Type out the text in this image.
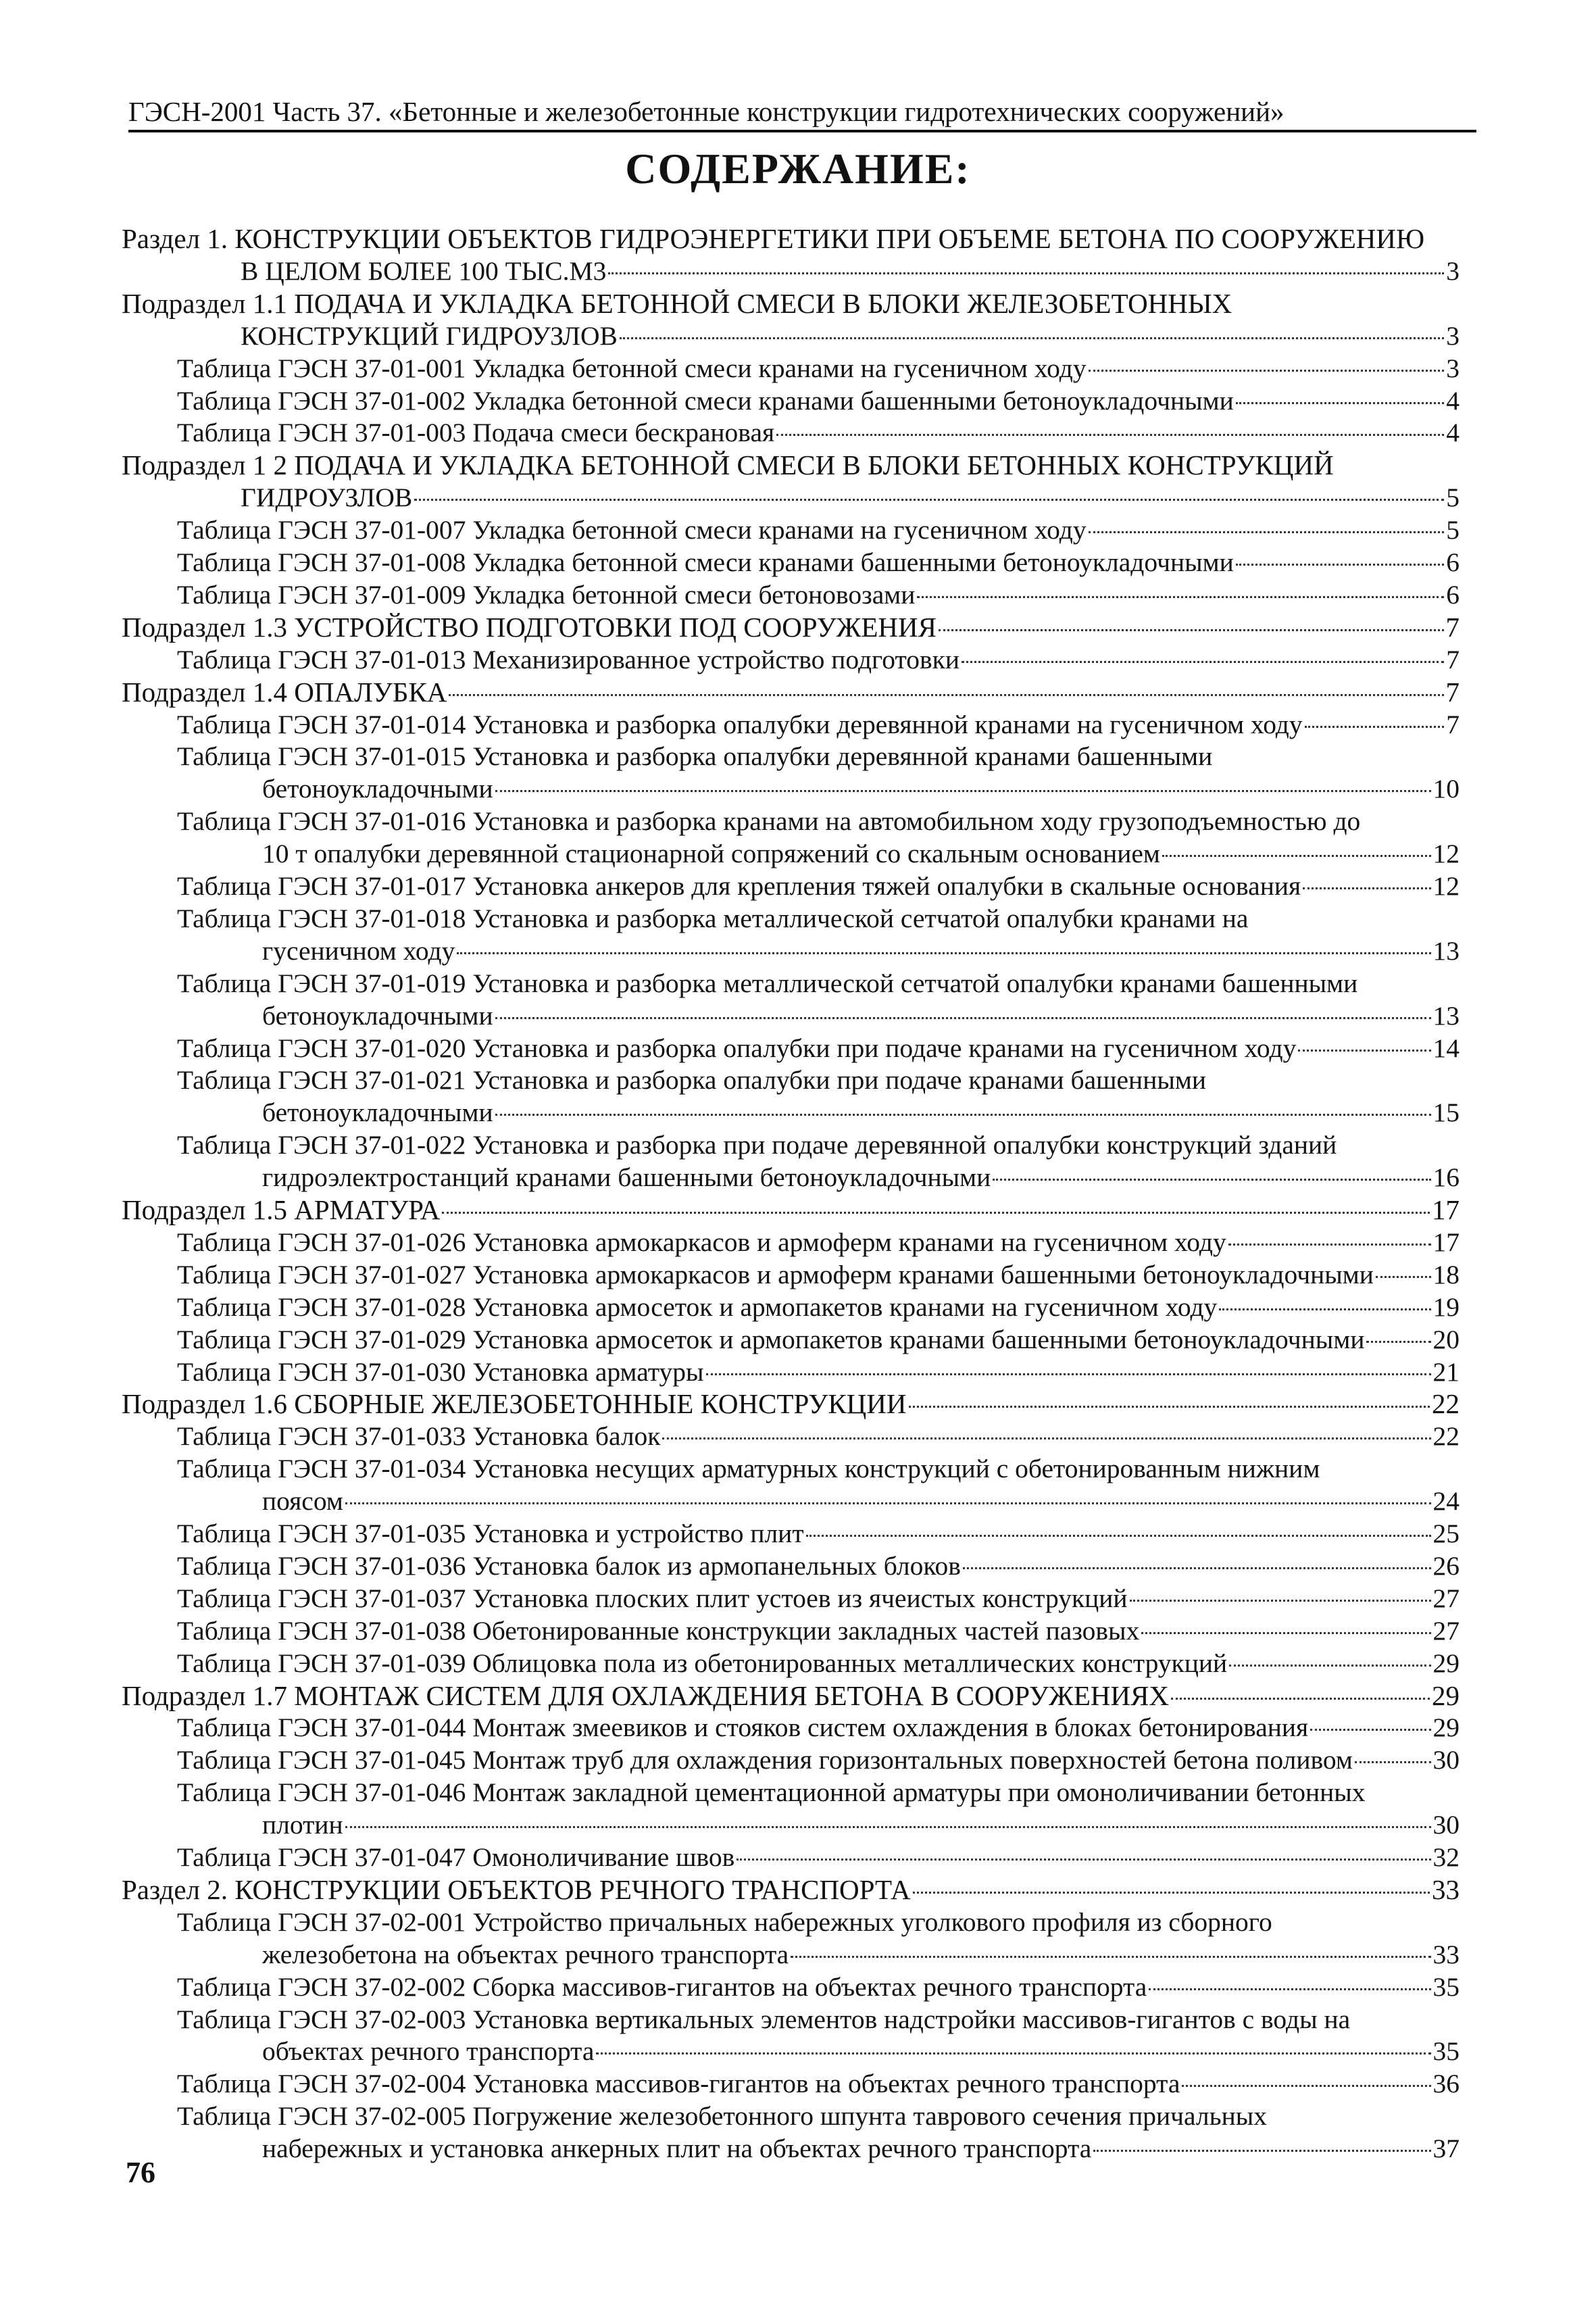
ГЭСН-2001 Часть 37. «Бетонные и железобетонные конструкции гидротехнических сооружений»
СОДЕРЖАНИЕ:
Раздел 1. КОНСТРУКЦИИ ОБЪЕКТОВ ГИДРОЭНЕРГЕТИКИ ПРИ ОБЪЕМЕ БЕТОНА ПО СООРУЖЕНИЮ
В ЦЕЛОМ БОЛЕЕ 100 ТЫС.М3	3
Подраздел 1.1 ПОДАЧА И УКЛАДКА БЕТОННОЙ СМЕСИ В БЛОКИ ЖЕЛЕЗОБЕТОННЫХ
КОНСТРУКЦИЙ ГИДРОУЗЛОВ	3
Таблица ГЭСН 37-01-001 Укладка бетонной смеси кранами на гусеничном ходу	3
Таблица ГЭСН 37-01-002 Укладка бетонной смеси кранами башенными бетоноукладочными	4
Таблица ГЭСН 37-01-003 Подача смеси бескрановая	4
Подраздел 1 2 ПОДАЧА И УКЛАДКА БЕТОННОЙ СМЕСИ В БЛОКИ БЕТОННЫХ КОНСТРУКЦИЙ
ГИДРОУЗЛОВ	5
Таблица ГЭСН 37-01-007 Укладка бетонной смеси кранами на гусеничном ходу	5
Таблица ГЭСН 37-01-008 Укладка бетонной смеси кранами башенными бетоноукладочными	6
Таблица ГЭСН 37-01-009 Укладка бетонной смеси бетоновозами	6
Подраздел 1.3 УСТРОЙСТВО ПОДГОТОВКИ ПОД СООРУЖЕНИЯ	7
Таблица ГЭСН 37-01-013 Механизированное устройство подготовки	7
Подраздел 1.4 ОПАЛУБКА	7
Таблица ГЭСН 37-01-014 Установка и разборка опалубки деревянной кранами на гусеничном ходу	7
Таблица ГЭСН 37-01-015 Установка и разборка опалубки деревянной кранами башенными
бетоноукладочными	10
Таблица ГЭСН 37-01-016 Установка и разборка кранами на автомобильном ходу грузоподъемностью до
10 т опалубки деревянной стационарной сопряжений со скальным основанием	12
Таблица ГЭСН 37-01-017 Установка анкеров для крепления тяжей опалубки в скальные основания	12
Таблица ГЭСН 37-01-018 Установка и разборка металлической сетчатой опалубки кранами на
гусеничном ходу	13
Таблица ГЭСН 37-01-019 Установка и разборка металлической сетчатой опалубки кранами башенными
бетоноукладочными	13
Таблица ГЭСН 37-01-020 Установка и разборка опалубки при подаче кранами на гусеничном ходу	14
Таблица ГЭСН 37-01-021 Установка и разборка опалубки при подаче кранами башенными
бетоноукладочными	15
Таблица ГЭСН 37-01-022 Установка и разборка при подаче деревянной опалубки конструкций зданий
гидроэлектростанций кранами башенными бетоноукладочными	16
Подраздел 1.5 АРМАТУРА	17
Таблица ГЭСН 37-01-026 Установка армокаркасов и армоферм кранами на гусеничном ходу	17
Таблица ГЭСН 37-01-027 Установка армокаркасов и армоферм кранами башенными бетоноукладочными 18
Таблица ГЭСН 37-01-028 Установка армосеток и армопакетов кранами на гусеничном ходу	19
Таблица ГЭСН 37-01-029 Установка армосеток и армопакетов кранами башенными бетоноукладочными	20
Таблица ГЭСН 37-01-030 Установка арматуры	21
Подраздел 1.6 СБОРНЫЕ ЖЕЛЕЗОБЕТОННЫЕ КОНСТРУКЦИИ	22
Таблица ГЭСН 37-01-033 Установка балок	22
Таблица ГЭСН 37-01-034 Установка несущих арматурных конструкций с обетонированным нижним
поясом	24
Таблица ГЭСН 37-01-035 Установка и устройство плит	25
Таблица ГЭСН 37-01-036 Установка балок из армопанельных блоков	26
Таблица ГЭСН 37-01-037 Установка плоских плит устоев из ячеистых конструкций	27
Таблица ГЭСН 37-01-038 Обетонированные конструкции закладных частей пазовых	27
Таблица ГЭСН 37-01-039 Облицовка пола из обетонированных металлических конструкций	29
Подраздел 1.7 МОНТАЖ СИСТЕМ ДЛЯ ОХЛАЖДЕНИЯ БЕТОНА В СООРУЖЕНИЯХ	29
Таблица ГЭСН 37-01-044 Монтаж змеевиков и стояков систем охлаждения в блоках бетонирования	29
Таблица ГЭСН 37-01-045 Монтаж труб для охлаждения горизонтальных поверхностей бетона поливом	30
Таблица ГЭСН 37-01-046 Монтаж закладной цементационной арматуры при омоноличивании бетонных
плотин	30
Таблица ГЭСН 37-01-047 Омоноличивание швов	32
Раздел 2. КОНСТРУКЦИИ ОБЪЕКТОВ РЕЧНОГО ТРАНСПОРТА	33
Таблица ГЭСН 37-02-001 Устройство причальных набережных уголкового профиля из сборного
железобетона на объектах речного транспорта	33
Таблица ГЭСН 37-02-002 Сборка массивов-гигантов на объектах речного транспорта	35
Таблица ГЭСН 37-02-003 Установка вертикальных элементов надстройки массивов-гигантов с воды на
объектах речного транспорта	35
Таблица ГЭСН 37-02-004 Установка массивов-гигантов на объектах речного транспорта	36
Таблица ГЭСН 37-02-005 Погружение железобетонного шпунта таврового сечения причальных
набережных и установка анкерных плит на объектах речного транспорта	37
76
